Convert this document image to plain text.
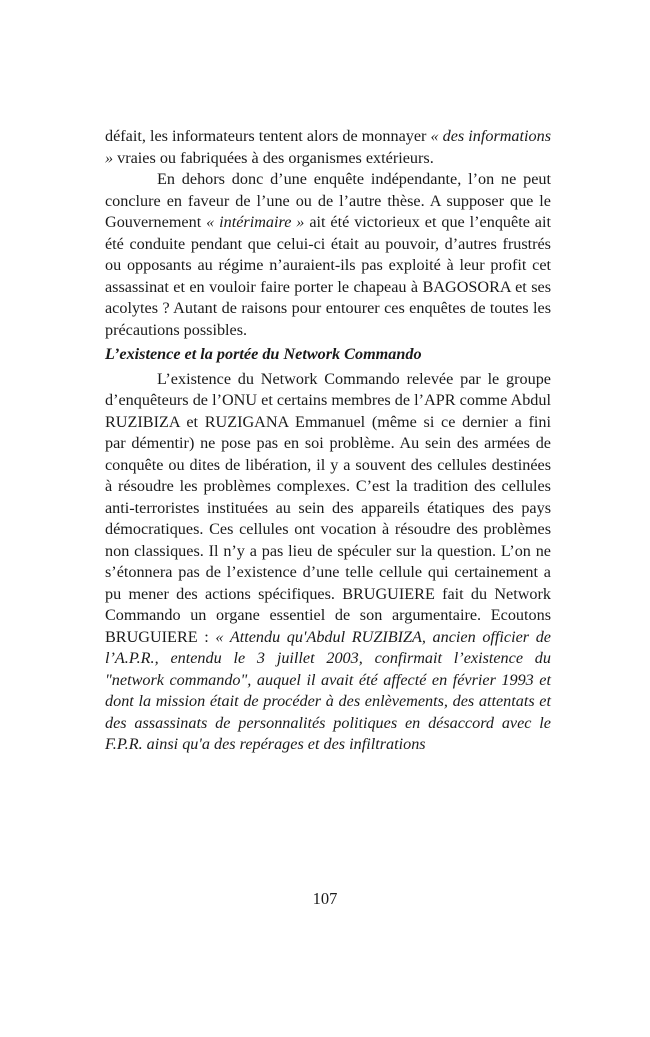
défait, les informateurs tentent alors de monnayer « des informations » vraies ou fabriquées à des organismes extérieurs.

En dehors donc d’une enquête indépendante, l’on ne peut conclure en faveur de l’une ou de l’autre thèse. A supposer que le Gouvernement « intérimaire » ait été victorieux et que l’enquête ait été conduite pendant que celui-ci était au pouvoir, d’autres frustrés ou opposants au régime n’auraient-ils pas exploité à leur profit cet assassinat et en vouloir faire porter le chapeau à BAGOSORA et ses acolytes ? Autant de raisons pour entourer ces enquêtes de toutes les précautions possibles.

L’existence et la portée du Network Commando

L’existence du Network Commando relevée par le groupe d’enquêteurs de l’ONU et certains membres de l’APR comme Abdul RUZIBIZA et RUZIGANA Emmanuel (même si ce dernier a fini par démentir) ne pose pas en soi problème. Au sein des armées de conquête ou dites de libération, il y a souvent des cellules destinées à résoudre les problèmes complexes. C’est la tradition des cellules anti-terroristes instituées au sein des appareils étatiques des pays démocratiques. Ces cellules ont vocation à résoudre des problèmes non classiques. Il n’y a pas lieu de spéculer sur la question. L’on ne s’étonnera pas de l’existence d’une telle cellule qui certainement a pu mener des actions spécifiques. BRUGUIERE fait du Network Commando un organe essentiel de son argumentaire. Ecoutons BRUGUIERE : « Attendu qu'Abdul RUZIBIZA, ancien officier de l’A.P.R., entendu le 3 juillet 2003, confirmait l’existence du "network commando", auquel il avait été affecté en février 1993 et dont la mission était de procéder à des enlèvements, des attentats et des assassinats de personnalités politiques en désaccord avec le F.P.R. ainsi qu'a des repérages et des infiltrations

107
